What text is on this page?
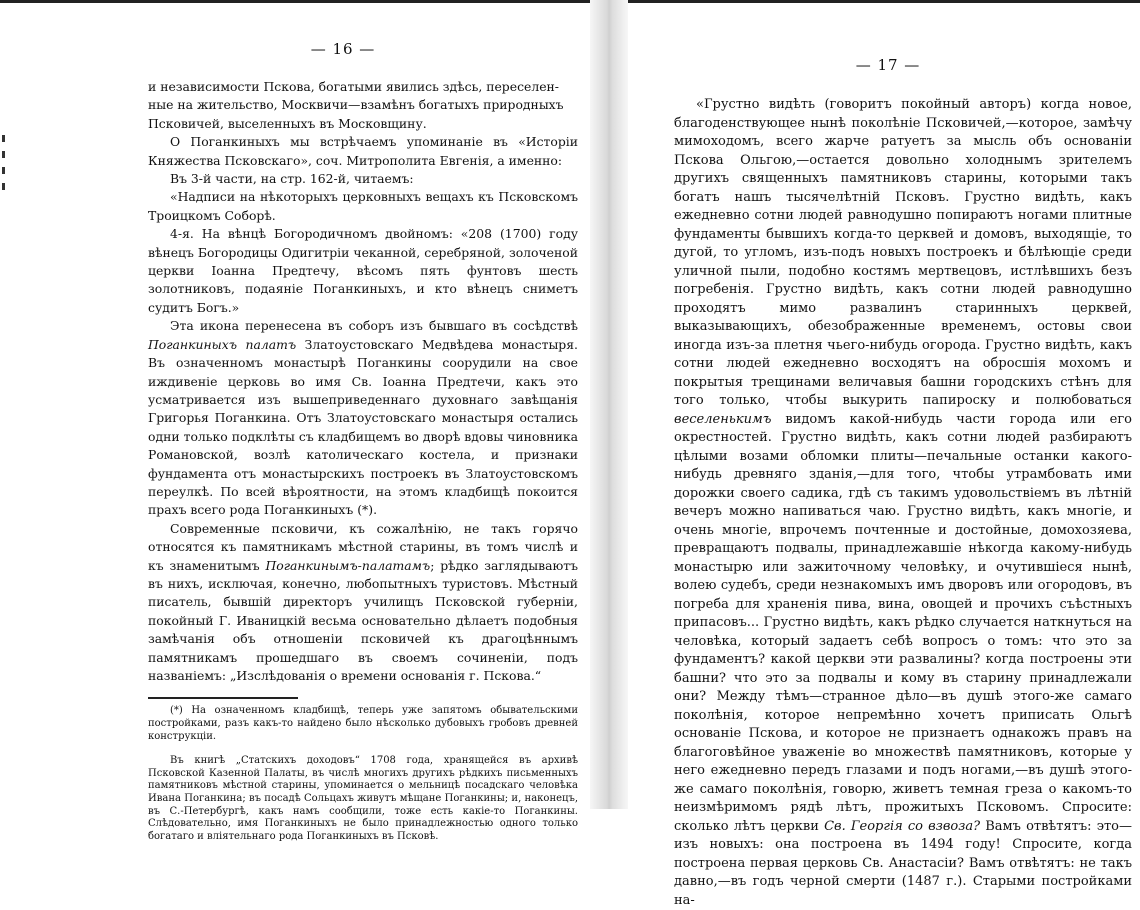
— 16 —

и независимости Пскова, богатыми явились здѣсь, переселен-

ные на жительство, Москвичи—взамѣнъ богатыхъ природныхъ

Псковичей, выселенныхъ въ Московщину.

О Поганкиныхъ мы встрѣчаемъ упоминаніе въ «Исторіи Княжества Псковскаго», соч. Митрополита Евгенія, а именно:

Въ 3-й части, на стр. 162-й, читаемъ:

«Надписи на нѣкоторыхъ церковныхъ вещахъ къ Псковскомъ Троицкомъ Соборѣ.

4-я. На вѣнцѣ Богородичномъ двойномъ: «208 (1700) году вѣнецъ Богородицы Одигитріи чеканной, серебряной, золоченой церкви Іоанна Предтечу, вѣсомъ пять фунтовъ шесть золотниковъ, подаяніе Поганкиныхъ, и кто вѣнецъ сниметъ судитъ Богъ.»

Эта икона перенесена въ соборъ изъ бывшаго въ сосѣдствѣ Поганкиныхъ палатъ Златоустовскаго Медвѣдева монастыря. Въ означенномъ монастырѣ Поганкины соорудили на свое иждивеніе церковь во имя Св. Іоанна Предтечи, какъ это усматривается изъ вышеприведеннаго духовнаго завѣщанія Григорья Поганкина. Отъ Златоустовскаго монастыря остались одни только подклѣты съ кладбищемъ во дворѣ вдовы чиновника Романовской, возлѣ католическаго костела, и признаки фундамента отъ монастырскихъ построекъ въ Златоустовскомъ переулкѣ. По всей вѣроятности, на этомъ кладбищѣ покоится прахъ всего рода Поганкиныхъ (*).

Современные псковичи, къ сожалѣнію, не такъ горячо относятся къ памятникамъ мѣстной старины, въ томъ числѣ и къ знаменитымъ Поганкинымъ-палатамъ; рѣдко заглядываютъ въ нихъ, исключая, конечно, любопытныхъ туристовъ. Мѣстный писатель, бывшій директоръ училищъ Псковской губерніи, покойный Г. Иваницкій весьма основательно дѣлаетъ подобныя замѣчанія объ отношеніи псковичей къ драгоцѣннымъ памятникамъ прошедшаго въ своемъ сочиненіи, подъ названіемъ: „Изслѣдованія о времени основанія г. Пскова.“

(*) На означенномъ кладбищѣ, теперь уже запятомъ обывательскими постройками, разъ какъ-то найдено было нѣсколько дубовыхъ гробовъ древней конструкціи.

Въ книгѣ „Статскихъ доходовъ“ 1708 года, хранящейся въ архивѣ Псковской Казенной Палаты, въ числѣ многихъ другихъ рѣдкихъ письменныхъ памятниковъ мѣстной старины, упоминается о мельницѣ посадскаго человѣка Ивана Поганкина; въ посадѣ Сольцахъ живутъ мѣщане Поганкины; и, наконецъ, въ С.-Петербургѣ, какъ намъ сообщили, тоже есть какіе-то Поганкины. Слѣдовательно, имя Поганкиныхъ не было принадлежностью одного только богатаго и вліятельнаго рода Поганкиныхъ въ Псковѣ.

— 17 —

«Грустно видѣть (говоритъ покойный авторъ) когда новое, благоденствующее нынѣ поколѣніе Псковичей,—которое, замѣчу мимоходомъ, всего жарче ратуетъ за мысль объ основаніи Пскова Ольгою,—остается довольно холоднымъ зрителемъ другихъ священныхъ памятниковъ старины, которыми такъ богатъ нашъ тысячелѣтній Псковъ. Грустно видѣть, какъ ежедневно сотни людей равнодушно попираютъ ногами плитные фундаменты бывшихъ когда-то церквей и домовъ, выходящіе, то дугой, то угломъ, изъ-подъ новыхъ построекъ и бѣлѣющіе среди уличной пыли, подобно костямъ мертвецовъ, истлѣвшихъ безъ погребенія. Грустно видѣть, какъ сотни людей равнодушно проходятъ мимо развалинъ старинныхъ церквей, выказывающихъ, обезображенные временемъ, остовы свои иногда изъ-за плетня чьего-нибудь огорода. Грустно видѣть, какъ сотни людей ежедневно восходятъ на обросшія мохомъ и покрытыя трещинами величавыя башни городскихъ стѣнъ для того только, чтобы выкурить папироску и полюбоваться веселенькимъ видомъ какой-нибудь части города или его окрестностей. Грустно видѣть, какъ сотни людей разбираютъ цѣлыми возами обломки плиты—печальные останки какого-нибудь древняго зданія,—для того, чтобы утрамбовать ими дорожки своего садика, гдѣ съ такимъ удовольствіемъ въ лѣтній вечеръ можно напиваться чаю. Грустно видѣть, какъ многіе, и очень многіе, впрочемъ почтенные и достойные, домохозяева, превращаютъ подвалы, принадлежавшіе нѣкогда какому-нибудь монастырю или зажиточному человѣку, и очутившіеся нынѣ, волею судебъ, среди незнакомыхъ имъ дворовъ или огородовъ, въ погреба для храненія пива, вина, овощей и прочихъ съѣстныхъ припасовъ... Грустно видѣть, какъ рѣдко случается наткнуться на человѣка, который задаетъ себѣ вопросъ о томъ: что это за фундаментъ? какой церкви эти развалины? когда построены эти башни? что это за подвалы и кому въ старину принадлежали они? Между тѣмъ—странное дѣло—въ душѣ этого-же самаго поколѣнія, которое непремѣнно хочетъ приписать Ольгѣ основаніе Пскова, и которое не признаетъ однакожъ правъ на благоговѣйное уваженіе во множествѣ памятниковъ, которые у него ежедневно передъ глазами и подъ ногами,—въ душѣ этого-же самаго поколѣнія, говорю, живетъ темная греза о какомъ-то неизмѣримомъ рядѣ лѣтъ, прожитыхъ Псковомъ. Спросите: сколько лѣтъ церкви Св. Георгія со взвоза? Вамъ отвѣтятъ: это—изъ новыхъ: она построена въ 1494 году! Спросите, когда построена первая церковь Св. Анастасіи? Вамъ отвѣтятъ: не такъ давно,—въ годъ черной смерти (1487 г.). Старыми постройками на-
